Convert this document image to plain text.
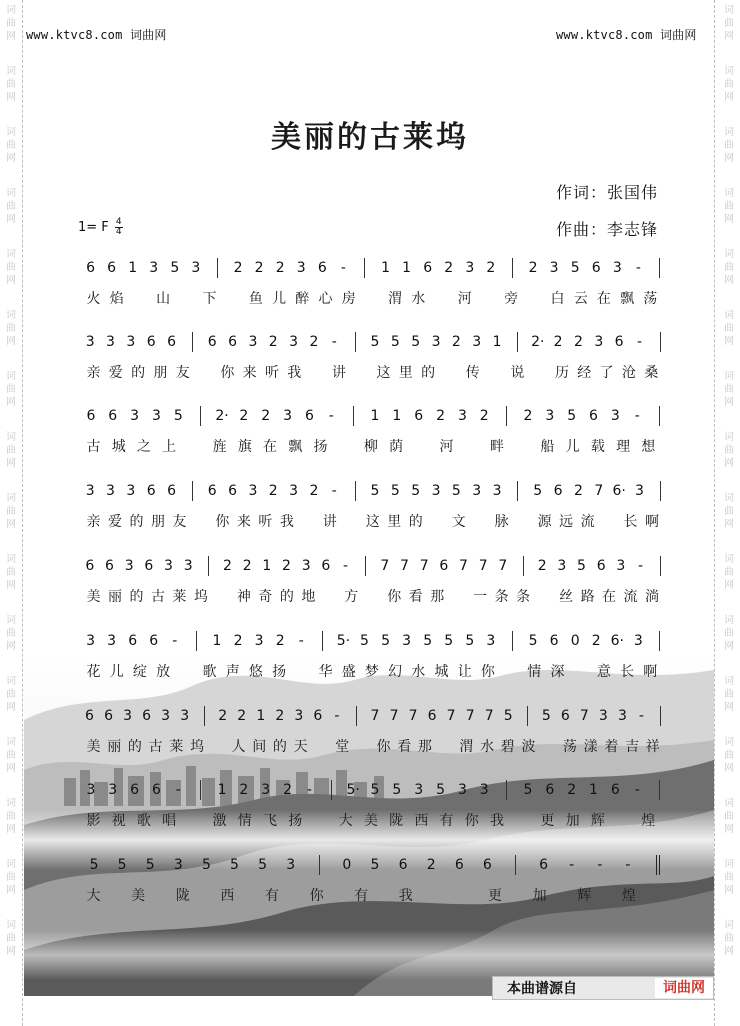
词
曲
网
词
曲
网
词
曲
网
词
曲
网
词
曲
网
词
曲
网
词
曲
网
词
曲
网
词
曲
网
词
曲
网
词
曲
网
词
曲
网
词
曲
网
词
曲
网
词
曲
网
词
曲
网
词
曲
网
词
曲
网
词
曲
网
词
曲
网
词
曲
网
词
曲
网
词
曲
网
词
曲
网
词
曲
网
词
曲
网
词
曲
网
词
曲
网
词
曲
网
词
曲
网
词
曲
网
词
曲
网
www.ktvc8.com 词曲网	www.ktvc8.com 词曲网
美丽的古莱坞
作词：张国伟
作曲：李志锋
1= F 4
4
6 6 1 3 5 3 2 2 2 3 6	-	1 1 6 2 3 2 2 3 5 6 3	-
火 焰 山 下 鱼 儿 醉 心 房 渭 水 河 旁 白 云 在 飘 荡
3 3 3 6 6 6 6 3 2 3 2 -	5 5 5 3 2 3 1 2· 2 2 3 6 -
亲 爱 的 朋 友 你 来 听 我 讲 这 里 的 传 说 历 经 了 沧 桑
6 6 3 3 5 2· 2 2 3 6	-	1 1 6 2 3 2 2 3 5 6 3	-
古 城 之 上	旌 旗 在 飘 扬	柳 荫	河	畔	船 儿 载 理 想
3 3 3 6 6 6 6 3 2 3 2 -	5 5 5 3 5 3 3 5 6 2 7 6· 3
亲 爱 的 朋 友 你 来 听 我 讲 这 里 的 文 脉 源 远 流 长 啊
6 6 3 6 3 3 2 2 1 2 3 6 -	7 7 7 6 7 7 7 2 3 5 6 3 -
美 丽 的 古 莱 坞 神 奇 的 地 方 你 看 那 一 条 条 丝 路 在 流 淌
3 3 6 6	-	1 2 3 2	-	5· 5 5 3 5 5 5 3 5 6 0 2 6· 3
花 儿 绽 放 歌 声 悠 扬 华 盛 梦 幻 水 城 让 你 情 深 意 长 啊
6 6 3 6 3 3 2 2 1 2 3 6 -	7 7 7 6 7 7 7 5 5 6 7 3 3 -
美 丽 的 古 莱 坞 人 间 的 天 堂 你 看 那 渭 水 碧 波 荡 漾 着 吉 祥
3 3 6 6	-	1 2 3 2	-	5· 5 5 3 5 3 3 5 6 2 1 6	-
影 视 歌 唱	激 情 飞 扬	大 美 陇 西 有 你 我	更 加 辉	煌
5 5 5 3 5 5 5 3	0 5 6 2 6 6	6	-	-	-
大 美 陇 西 有 你 有 我	更 加 辉 煌
本曲谱源自	词曲网
